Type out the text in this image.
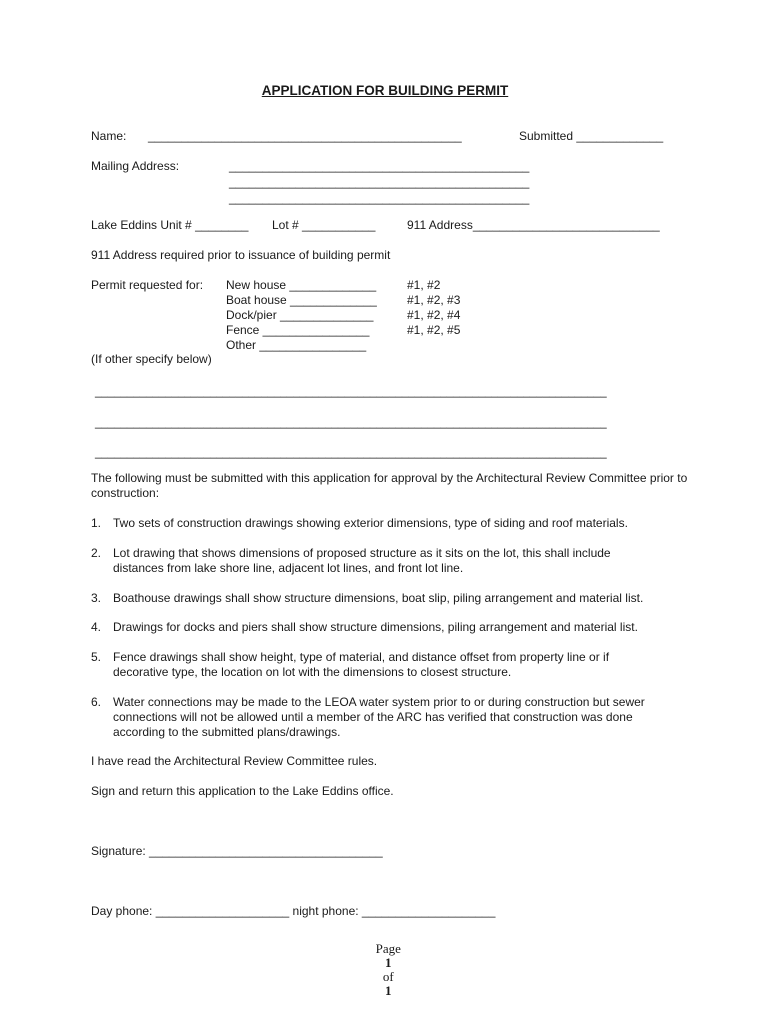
APPLICATION FOR BUILDING PERMIT
Name: _______________________________________________	Submitted _____________
Mailing Address:	_____________________________________________
_____________________________________________
_____________________________________________
Lake Eddins Unit # ________ Lot # ___________	911 Address____________________________
911 Address required prior to issuance of building permit
Permit requested for: New house _____________	#1, #2
Boat house _____________	#1, #2, #3
Dock/pier ______________	#1, #2, #4
Fence ________________	#1, #2, #5
Other ________________
(If other specify below)
________________________________________________________________________________
________________________________________________________________________________
________________________________________________________________________________
The following must be submitted with this application for approval by the Architectural Review Committee prior to construction:
1. Two sets of construction drawings showing exterior dimensions, type of siding and roof materials.
2. Lot drawing that shows dimensions of proposed structure as it sits on the lot, this shall include distances from lake shore line, adjacent lot lines, and front lot line.
3. Boathouse drawings shall show structure dimensions, boat slip, piling arrangement and material list.
4. Drawings for docks and piers shall show structure dimensions, piling arrangement and material list.
5. Fence drawings shall show height, type of material, and distance offset from property line or if decorative type, the location on lot with the dimensions to closest structure.
6. Water connections may be made to the LEOA water system prior to or during construction but sewer connections will not be allowed until a member of the ARC has verified that construction was done according to the submitted plans/drawings.
I have read the Architectural Review Committee rules.
Sign and return this application to the Lake Eddins office.
Signature: ___________________________________
Day phone: ____________________ night phone: ____________________

Page
1
of
1
